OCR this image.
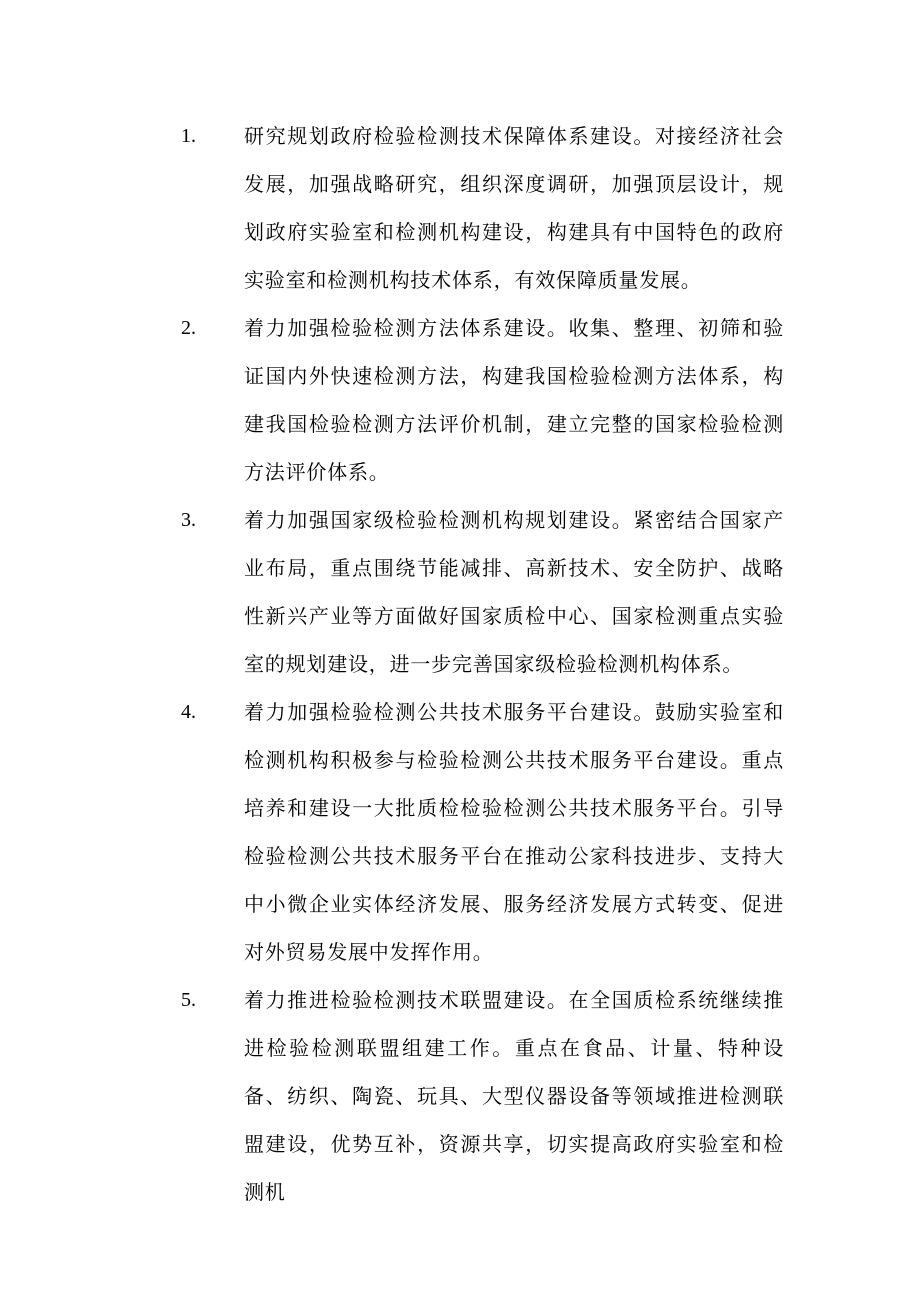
1. 研究规划政府检验检测技术保障体系建设。对接经济社会发展，加强战略研究，组织深度调研，加强顶层设计，规划政府实验室和检测机构建设，构建具有中国特色的政府实验室和检测机构技术体系，有效保障质量发展。

2. 着力加强检验检测方法体系建设。收集、整理、初筛和验证国内外快速检测方法，构建我国检验检测方法体系，构建我国检验检测方法评价机制，建立完整的国家检验检测方法评价体系。

3. 着力加强国家级检验检测机构规划建设。紧密结合国家产业布局，重点围绕节能减排、高新技术、安全防护、战略性新兴产业等方面做好国家质检中心、国家检测重点实验室的规划建设，进一步完善国家级检验检测机构体系。

4. 着力加强检验检测公共技术服务平台建设。鼓励实验室和检测机构积极参与检验检测公共技术服务平台建设。重点培养和建设一大批质检检验检测公共技术服务平台。引导检验检测公共技术服务平台在推动公家科技进步、支持大中小微企业实体经济发展、服务经济发展方式转变、促进对外贸易发展中发挥作用。

5. 着力推进检验检测技术联盟建设。在全国质检系统继续推进检验检测联盟组建工作。重点在食品、计量、特种设备、纺织、陶瓷、玩具、大型仪器设备等领域推进检测联盟建设，优势互补，资源共享，切实提高政府实验室和检测机
